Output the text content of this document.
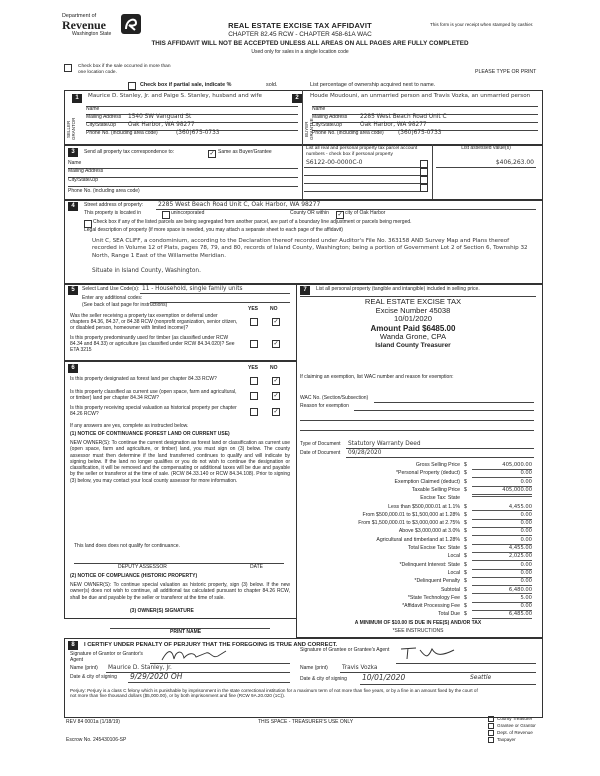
Department of
Revenue
Washington State
REAL ESTATE EXCISE TAX AFFIDAVIT
CHAPTER 82.45 RCW - CHAPTER 458-61A WAC
This form is your receipt when stamped by cashier.
THIS AFFIDAVIT WILL NOT BE ACCEPTED UNLESS ALL AREAS ON ALL PAGES ARE FULLY COMPLETED
Used only for sales in a single location code
Check box if the sale occurred in more than one location code.	PLEASE TYPE OR PRINT
Check box if partial sale, indicate %	sold.	List percentage of ownership acquired next to name.
1
SELLER GRANTOR
Maurice D. Stanley, Jr. and Paige S. Stanley, husband and wife
Name
Mailing Address 1540 SW Vanguard St
City/State/Zip Oak Harbor, WA 98277
Phone No. (including area code)	(360)675-0733
2
BUYER GRANTEE
Houde Moudouni, an unmarried person and Travis Vozka, an unmarried person
Name
Mailing Address 2285 West Beach Road Unit C
City/State/Zip	Oak Harbor, WA 98277
Phone No. (including area code) (360)675-0733
3	Send all property tax correspondence to:	✓ Same as Buyer/Grantee
Name
Mailing Address
City/State/Zip
Phone No. (including area code)
List all real and personal property tax parcel account numbers - check box if personal property
S6122-00-0000C-0
List assessed value(s)
$406,263.00
4	Street address of property: 2285 West Beach Road Unit C, Oak Harbor, WA 98277
This property is located in	unincorporated	County OR within ✓ city of Oak Harbor
Check box if any of the listed parcels are being segregated from another parcel, are part of a boundary line adjustment or parcels being merged.
Legal description of property (if more space is needed, you may attach a separate sheet to each page of the affidavit)
Unit C, SEA CLIFF, a condominium, according to the Declaration thereof recorded under Auditor's File No. 363158 AND Survey Map and Plans thereof recorded in Volume 12 of Plats, pages 78, 79, and 80, records of Island County, Washington; being a portion of Government Lot 2 of Section 6, Township 32 North, Range 1 East of the Willamette Meridian.
Situate in Island County, Washington.
5	Select Land Use Code(s): 11 - Household, single family units
Enter any additional codes:
(See back of last page for instructions)
YES NO
Was the seller receiving a property tax exemption or deferral under chapters 84.36, 84.37, or 84.38 RCW (nonprofit organization, senior citizen, or disabled person, homeowner with limited income)?
✓
Is this property predominantly used for timber (as classified under RCW 84.34 and 84.33) or agriculture (as classified under RCW 84.34.020)? See ETA 3215
✓
6	YES NO
Is this property designated as forest land per chapter 84.33 RCW?	✓
Is this property classified as current use (open space, farm and agricultural, or timber) land per chapter 84.34 RCW?	✓
Is this property receiving special valuation as historical property per chapter 84.26 RCW?	✓
If any answers are yes, complete as instructed below.
(1) NOTICE OF CONTINUANCE (FOREST LAND OR CURRENT USE)
NEW OWNER(S): To continue the current designation as forest land or classification as current use (open space, farm and agriculture, or timber) land, you must sign on (3) below. The county assessor must then determine if the land transferred continues to qualify and will indicate by signing below. If the land no longer qualifies or you do not wish to continue the designation or classification, it will be removed and the compensating or additional taxes will be due and payable by the seller or transferor at the time of sale. (RCW 84.33.140 or RCW 84.34.108). Prior to signing (3) below, you may contact your local county assessor for more information.
This land does does not qualify for continuance.
DEPUTY ASSESSOR	DATE
(2) NOTICE OF COMPLIANCE (HISTORIC PROPERTY)
NEW OWNER(S): To continue special valuation as historic property, sign (3) below. If the new owner(s) does not wish to continue, all additional tax calculated pursuant to chapter 84.26 RCW, shall be due and payable by the seller or transferor at the time of sale.
(3) OWNER(S) SIGNATURE
PRINT NAME
7	List all personal property (tangible and intangible) included in selling price.
REAL ESTATE EXCISE TAX
Excise Number 45038
10/01/2020
Amount Paid $6485.00
Wanda Grone, CPA
Island County Treasurer
If claiming an exemption, list WAC number and reason for exemption:
WAC No. (Section/Subsection)
Reason for exemption
Type of Document Statutory Warranty Deed
Date of Document 09/28/2020
Gross Selling Price $	405,000.00
*Personal Property (deduct) $	0.00
Exemption Claimed (deduct) $	0.00
Taxable Selling Price $	405,000.00
Excise Tax: State
Less than $500,000.01 at 1.1% $	4,455.00
From $500,000.01 to $1,500,000 at 1.28% $	0.00
From $1,500,000.01 to $3,000,000 at 2.75% $	0.00
Above $3,000,000 at 3.0% $	0.00
Agricultural and timberland at 1.28% $	0.00
Total Excise Tax: State $	4,455.00
Local $	2,025.00
*Delinquent Interest: State $	0.00
Local $	0.00
*Delinquent Penalty $	0.00
Subtotal $	6,480.00
*State Technology Fee $	5.00
*Affidavit Processing Fee $	0.00
Total Due $	6,485.00
A MINIMUM OF $10.00 IS DUE IN FEE(S) AND/OR TAX
*SEE INSTRUCTIONS
8	I CERTIFY UNDER PENALTY OF PERJURY THAT THE FOREGOING IS TRUE AND CORRECT.
Signature of Grantor or Grantor's Agent
Name (print) Maurice D. Stanley, Jr.
Date & city of signing 9/29/2020 OH
Signature of Grantee or Grantee's Agent
Name (print) Travis Vozka
Date & city of signing 10/01/2020	Seattle
Perjury: Perjury is a class C felony which is punishable by imprisonment in the state correctional institution for a maximum term of not more than five years, or by a fine in an amount fixed by the court of not more than five thousand dollars ($5,000.00), or by both imprisonment and fine (RCW 9A.20.020 (1C)).
REV 84 0001a (1/18/19)	THIS SPACE - TREASURER'S USE ONLY
Escrow No. 245430106-SP
County Treasurer
Grantee or Grantor
Dept. of Revenue
Taxpayer
